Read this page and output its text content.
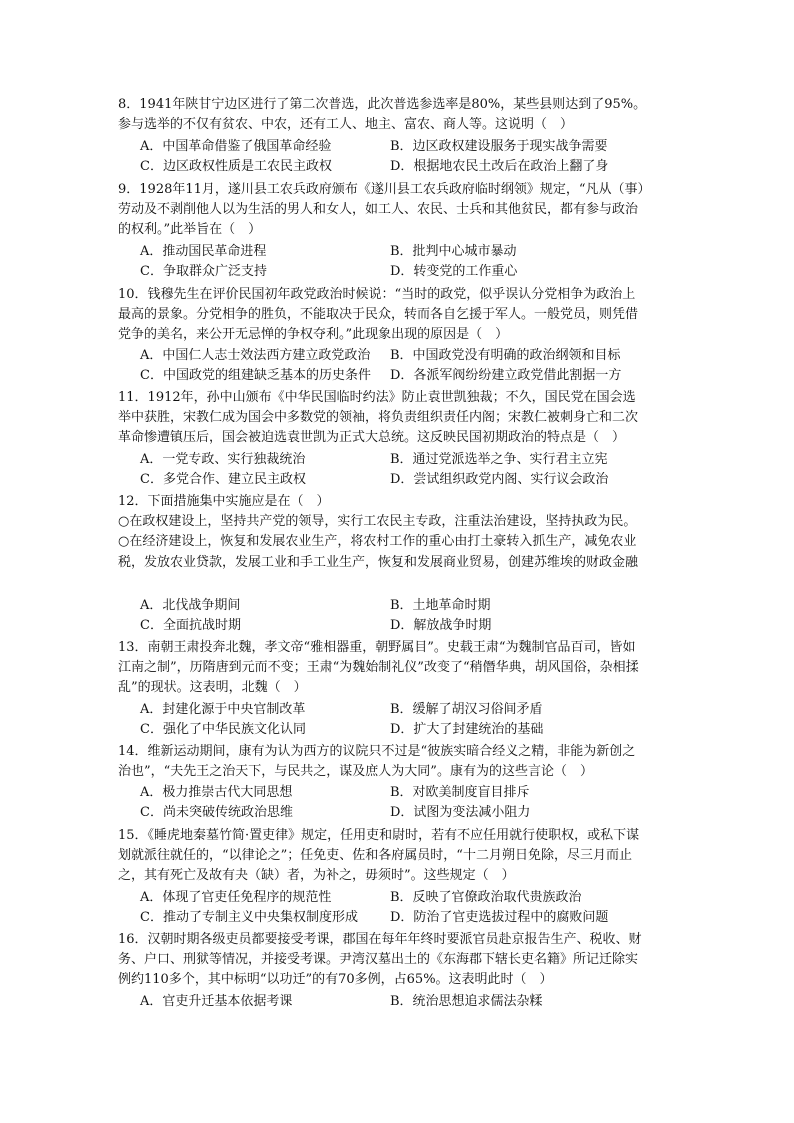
8．1941年陕甘宁边区进行了第二次普选，此次普选参选率是80%，某些县则达到了95%。

参与选举的不仅有贫农、中农，还有工人、地主、富农、商人等。这说明（　）

A．中国革命借鉴了俄国革命经验	B．边区政权建设服务于现实战争需要
C．边区政权性质是工农民主政权	D．根据地农民土改后在政治上翻了身

9．1928年11月，遂川县工农兵政府颁布《遂川县工农兵政府临时纲领》规定，“凡从（事）

劳动及不剥削他人以为生活的男人和女人，如工人、农民、士兵和其他贫民，都有参与政治

的权利。”此举旨在（　）

A．推动国民革命进程	B．批判中心城市暴动
C．争取群众广泛支持	D．转变党的工作重心

10．钱穆先生在评价民国初年政党政治时候说：“当时的政党，似乎误认分党相争为政治上

最高的景象。分党相争的胜负，不能取决于民众，转而各自乞援于军人。一般党员，则凭借

党争的美名，来公开无忌惮的争权夺利。”此现象出现的原因是（　）

A．中国仁人志士效法西方建立政党政治	B．中国政党没有明确的政治纲领和目标
C．中国政党的组建缺乏基本的历史条件	D．各派军阀纷纷建立政党借此割据一方

11．1912年，孙中山颁布《中华民国临时约法》防止袁世凯独裁；不久，国民党在国会选

举中获胜，宋教仁成为国会中多数党的领袖，将负责组织责任内阁；宋教仁被刺身亡和二次

革命惨遭镇压后，国会被迫选袁世凯为正式大总统。这反映民国初期政治的特点是（　）

A．一党专政、实行独裁统治	B．通过党派选举之争、实行君主立宪
C．多党合作、建立民主政权	D．尝试组织政党内阁、实行议会政治

12．下面措施集中实施应是在（　）

○在政权建设上，坚持共产党的领导，实行工农民主专政，注重法治建设，坚持执政为民。

○在经济建设上，恢复和发展农业生产，将农村工作的重心由打土豪转入抓生产，减免农业

税，发放农业贷款，发展工业和手工业生产，恢复和发展商业贸易，创建苏维埃的财政金融

A．北伐战争期间	B．土地革命时期
C．全面抗战时期	D．解放战争时期

13．南朝王肃投奔北魏，孝文帝“雅相器重，朝野属目”。史载王肃“为魏制官品百司，皆如

江南之制”，历隋唐到元而不变；王肃“为魏始制礼仪”改变了“稍僭华典，胡风国俗，杂相揉

乱”的现状。这表明，北魏（　）

A．封建化源于中央官制改革	B．缓解了胡汉习俗间矛盾
C．强化了中华民族文化认同	D．扩大了封建统治的基础

14．维新运动期间，康有为认为西方的议院只不过是“彼族实暗合经义之精，非能为新创之

治也”，“夫先王之治天下，与民共之，谋及庶人为大同”。康有为的这些言论（　）

A．极力推崇古代大同思想	B．对欧美制度盲目排斥
C．尚未突破传统政治思维	D．试图为变法减小阻力

15．《睡虎地秦墓竹简·置吏律》规定，任用吏和尉时，若有不应任用就行使职权，或私下谋

划就派往就任的，“以律论之”；任免吏、佐和各府属员时，“十二月朔日免除，尽三月而止

之，其有死亡及故有夬（缺）者，为补之，毋须时”。这些规定（　）

A．体现了官吏任免程序的规范性	B．反映了官僚政治取代贵族政治
C．推动了专制主义中央集权制度形成	D．防治了官吏选拔过程中的腐败问题

16．汉朝时期各级吏员都要接受考课，郡国在每年年终时要派官员赴京报告生产、税收、财

务、户口、刑狱等情况，并接受考课。尹湾汉墓出土的《东海郡下辖长吏名籍》所记迁除实

例约110多个，其中标明“以功迁”的有70多例，占65%。这表明此时（　）

A．官吏升迁基本依据考课	B．统治思想追求儒法杂糅
